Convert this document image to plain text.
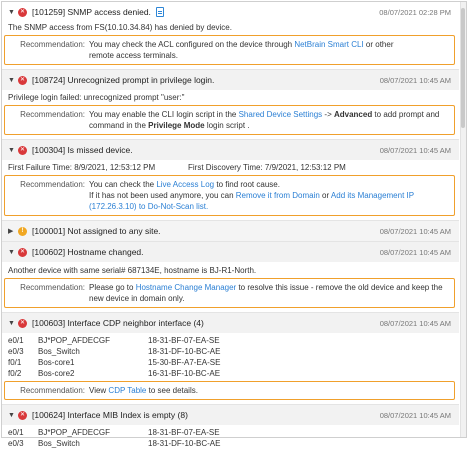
▼ ✕ [101259] SNMP access denied.	08/07/2021 02:28 PM
The SNMP access from FS(10.10.34.84) has denied by device.
Recommendation: You may check the ACL configured on the device through NetBrain Smart CLI or other
remote access terminals.
▼ ✕ [108724] Unrecognized prompt in privilege login.	08/07/2021 10:45 AM
Privilege login failed: unrecognized prompt "user:"
Recommendation: You may enable the CLI login script in the Shared Device Settings -> Advanced to add prompt and
command in the Privilege Mode login script .
▼ ✕ [100304] Is missed device.	08/07/2021 10:45 AM
First Failure Time: 8/9/2021, 12:53:12 PM	First Discovery Time: 7/9/2021, 12:53:12 PM
Recommendation: You can check the Live Access Log to find root cause.
If it has not been used anymore, you can Remove it from Domain or Add its Management IP
(172.26.3.10) to Do-Not-Scan list.
▶	!	[100001] Not assigned to any site.	08/07/2021 10:45 AM
▼ ✕ [100602] Hostname changed.	08/07/2021 10:45 AM
Another device with same serial# 687134E, hostname is BJ-R1-North.
Recommendation: Please go to Hostname Change Manager to resolve this issue - remove the old device and keep the
new device in domain only.
▼ ✕ [100603] Interface CDP neighbor interface (4)	08/07/2021 10:45 AM
e0/1	BJ*POP_AFDECGF	18-31-BF-07-EA-SE
e0/3	Bos_Switch	18-31-DF-10-BC-AE
f0/1	Bos-core1	15-30-BF-A7-EA-SE
f0/2	Bos-core2	16-31-BF-10-BC-AE
Recommendation: View CDP Table to see details.
▼ ✕ [100624] Interface MIB Index is empty (8)	08/07/2021 10:45 AM
e0/1	BJ*POP_AFDECGF	18-31-BF-07-EA-SE
e0/3	Bos_Switch	18-31-DF-10-BC-AE
